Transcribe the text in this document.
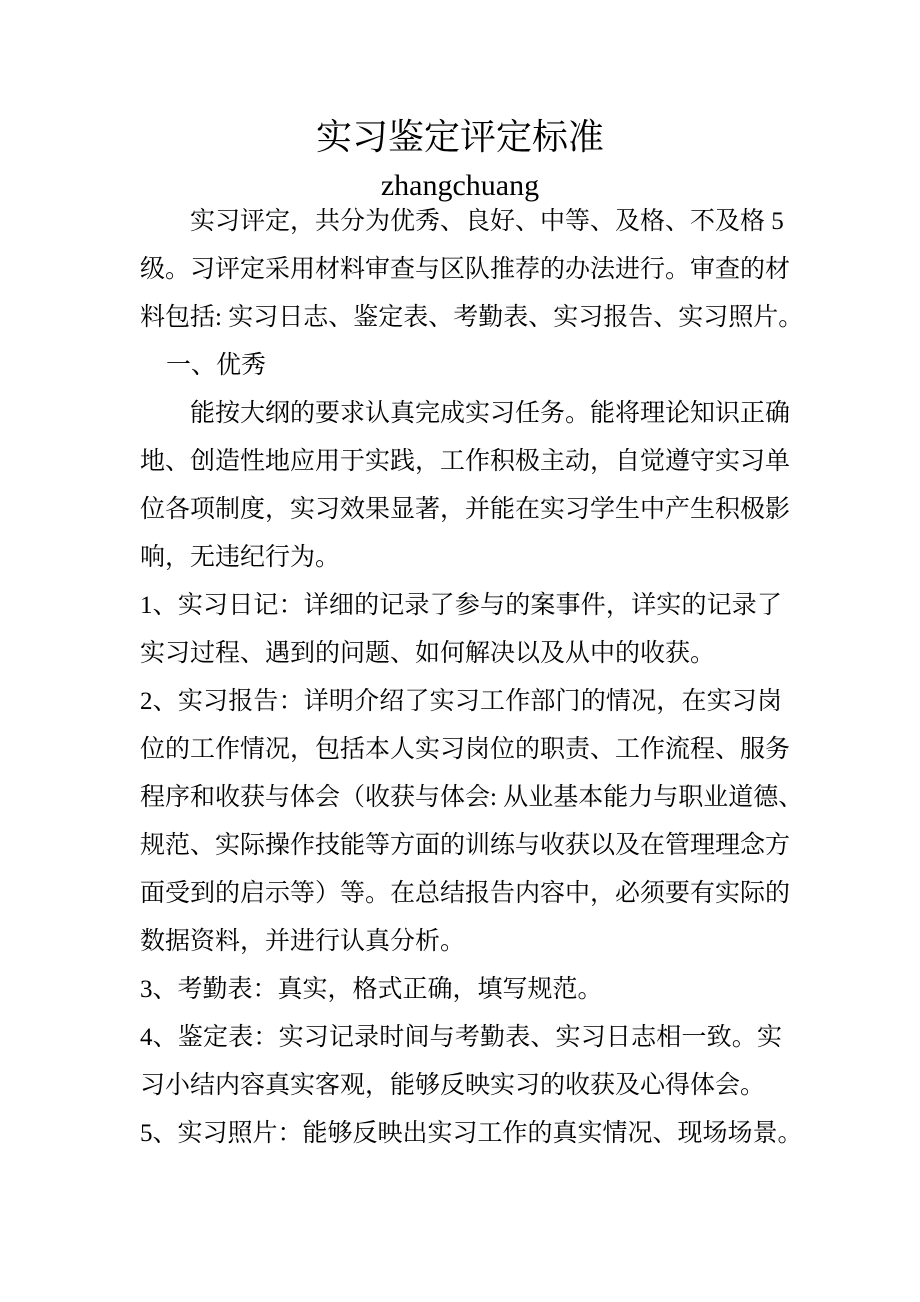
实习鉴定评定标准
zhangchuang
实习评定，共分为优秀、良好、中等、及格、不及格 5
级。习评定采用材料审查与区队推荐的办法进行。审查的材
料包括: 实习日志、鉴定表、考勤表、实习报告、实习照片。
一、优秀
能按大纲的要求认真完成实习任务。能将理论知识正确
地、创造性地应用于实践，工作积极主动，自觉遵守实习单
位各项制度，实习效果显著，并能在实习学生中产生积极影
响，无违纪行为。
1、实习日记：详细的记录了参与的案事件，详实的记录了
实习过程、遇到的问题、如何解决以及从中的收获。
2、实习报告：详明介绍了实习工作部门的情况，在实习岗
位的工作情况，包括本人实习岗位的职责、工作流程、服务
程序和收获与体会（收获与体会: 从业基本能力与职业道德、
规范、实际操作技能等方面的训练与收获以及在管理理念方
面受到的启示等）等。在总结报告内容中，必须要有实际的
数据资料，并进行认真分析。
3、考勤表：真实，格式正确，填写规范。
4、鉴定表：实习记录时间与考勤表、实习日志相一致。实
习小结内容真实客观，能够反映实习的收获及心得体会。
5、实习照片：能够反映出实习工作的真实情况、现场场景。
